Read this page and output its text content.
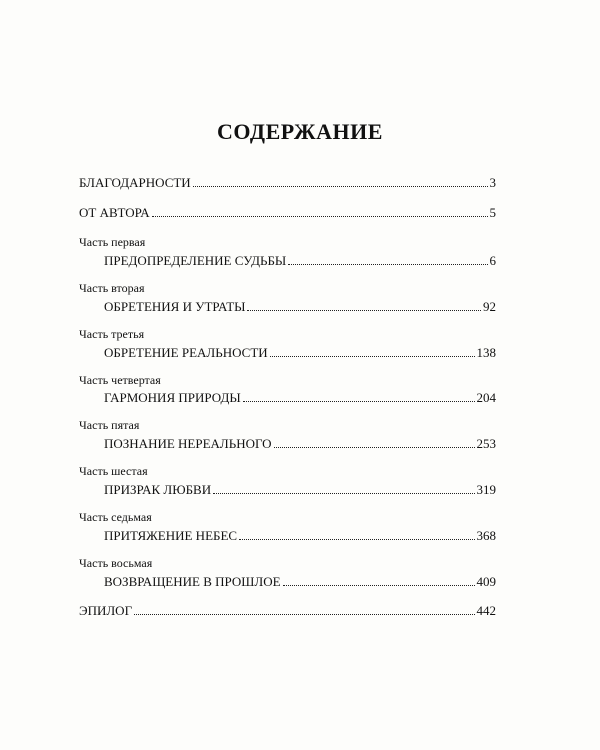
СОДЕРЖАНИЕ
БЛАГОДАРНОСТИ	3
ОТ АВТОРА	5
Часть первая
ПРЕДОПРЕДЕЛЕНИЕ СУДЬБЫ	6
Часть вторая
ОБРЕТЕНИЯ И УТРАТЫ	92
Часть третья
ОБРЕТЕНИЕ РЕАЛЬНОСТИ	138
Часть четвертая
ГАРМОНИЯ ПРИРОДЫ	204
Часть пятая
ПОЗНАНИЕ НЕРЕАЛЬНОГО	253
Часть шестая
ПРИЗРАК ЛЮБВИ	319
Часть седьмая
ПРИТЯЖЕНИЕ НЕБЕС	368
Часть восьмая
ВОЗВРАЩЕНИЕ В ПРОШЛОЕ	409
ЭПИЛОГ	442
